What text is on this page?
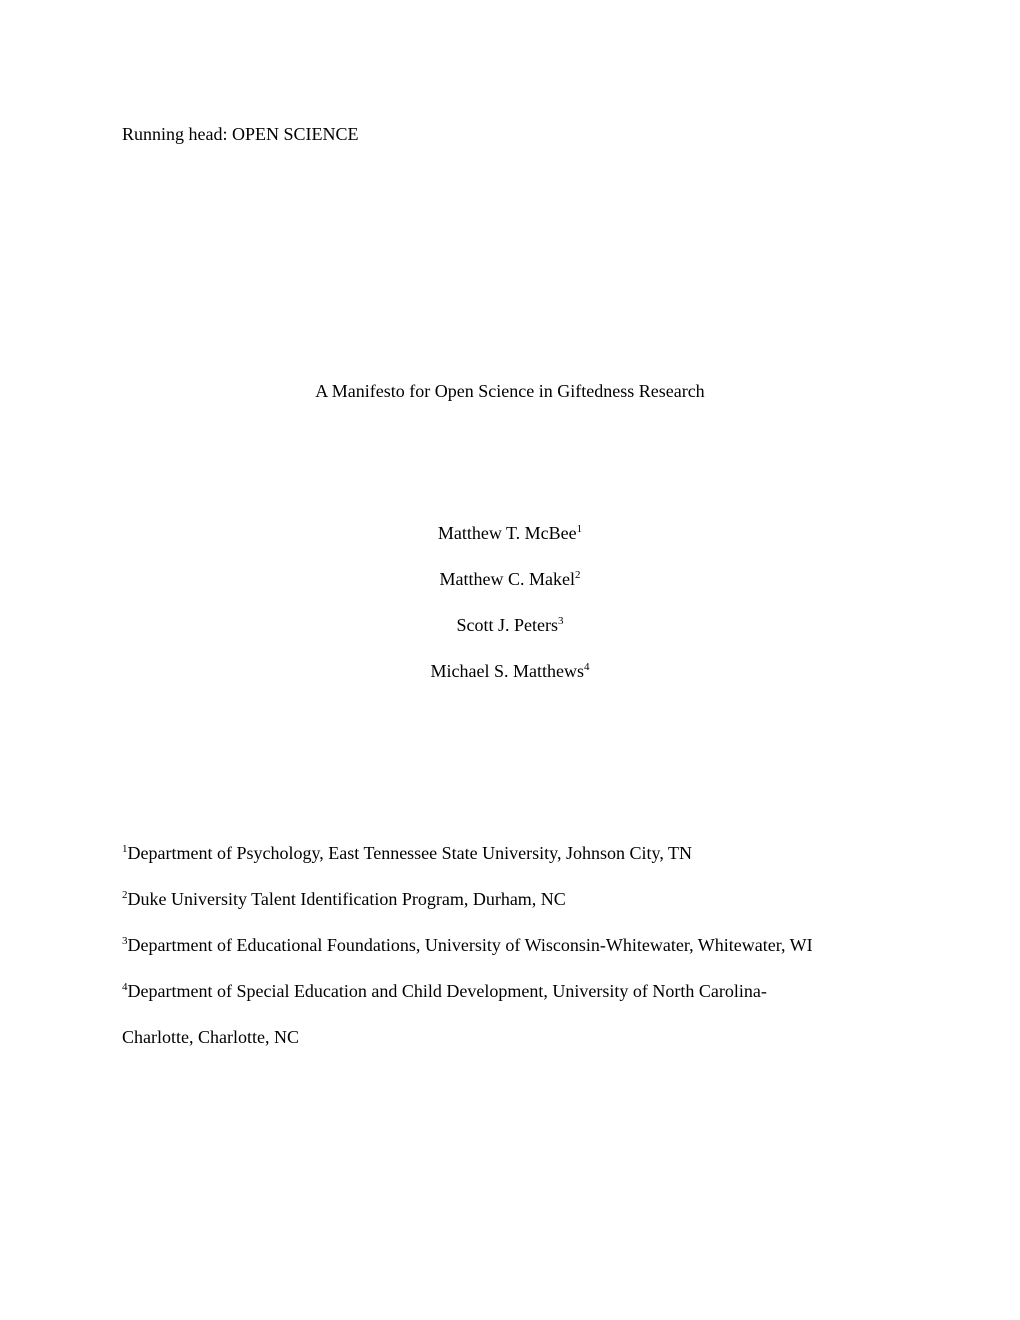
Running head: OPEN SCIENCE
A Manifesto for Open Science in Giftedness Research
Matthew T. McBee$^1$
Matthew C. Makel$^2$
Scott J. Peters$^3$
Michael S. Matthews$^4$
$^1$Department of Psychology, East Tennessee State University, Johnson City, TN
$^2$Duke University Talent Identification Program, Durham, NC
$^3$Department of Educational Foundations, University of Wisconsin-Whitewater, Whitewater, WI
$^4$Department of Special Education and Child Development, University of North Carolina-
Charlotte, Charlotte, NC
